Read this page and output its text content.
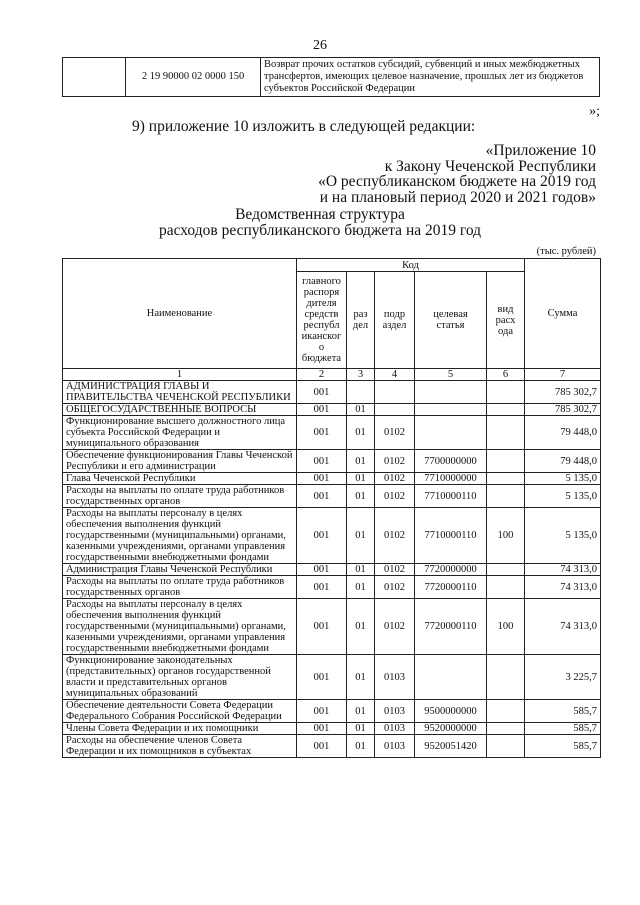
26
	2 19 90000 02 0000 150	Возврат прочих остатков субсидий, субвенций и иных межбюджетных трансфертов, имеющих целевое назначение, прошлых лет из бюджетов субъектов Российской Федерации
»;
9) приложение 10 изложить в следующей редакции:
«Приложение 10
к Закону Чеченской Республики
«О республиканском бюджете на 2019 год
и на плановый период 2020 и 2021 годов»
Ведомственная структура
расходов республиканского бюджета на 2019 год
(тыс. рублей)
Наименование	Код					Сумма
	главного распоря дителя средств республ иканског о бюджета	раз дел	подр аздел	целевая статья	вид расх ода	
1	2	3	4	5	6	7
АДМИНИСТРАЦИЯ ГЛАВЫ И ПРАВИТЕЛЬСТВА ЧЕЧЕНСКОЙ РЕСПУБЛИКИ	001					785 302,7
ОБЩЕГОСУДАРСТВЕННЫЕ ВОПРОСЫ	001	01				785 302,7
Функционирование высшего должностного лица субъекта Российской Федерации и муниципального образования	001	01	0102			79 448,0
Обеспечение функционирования Главы Чеченской Республики и его администрации	001	01	0102	7700000000		79 448,0
Глава Чеченской Республики	001	01	0102	7710000000		5 135,0
Расходы на выплаты по оплате труда работников государственных органов	001	01	0102	7710000110		5 135,0
Расходы на выплаты персоналу в целях обеспечения выполнения функций государственными (муниципальными) органами, казенными учреждениями, органами управления государственными внебюджетными фондами	001	01	0102	7710000110	100	5 135,0
Администрация Главы Чеченской Республики	001	01	0102	7720000000		74 313,0
Расходы на выплаты по оплате труда работников государственных органов	001	01	0102	7720000110		74 313,0
Расходы на выплаты персоналу в целях обеспечения выполнения функций государственными (муниципальными) органами, казенными учреждениями, органами управления государственными внебюджетными фондами	001	01	0102	7720000110	100	74 313,0
Функционирование законодательных (представительных) органов государственной власти и представительных органов муниципальных образований	001	01	0103			3 225,7
Обеспечение деятельности Совета Федерации Федерального Собрания Российской Федерации	001	01	0103	9500000000		585,7
Члены Совета Федерации и их помощники	001	01	0103	9520000000		585,7
Расходы на обеспечение членов Совета Федерации и их помощников в субъектах	001	01	0103	9520051420		585,7
